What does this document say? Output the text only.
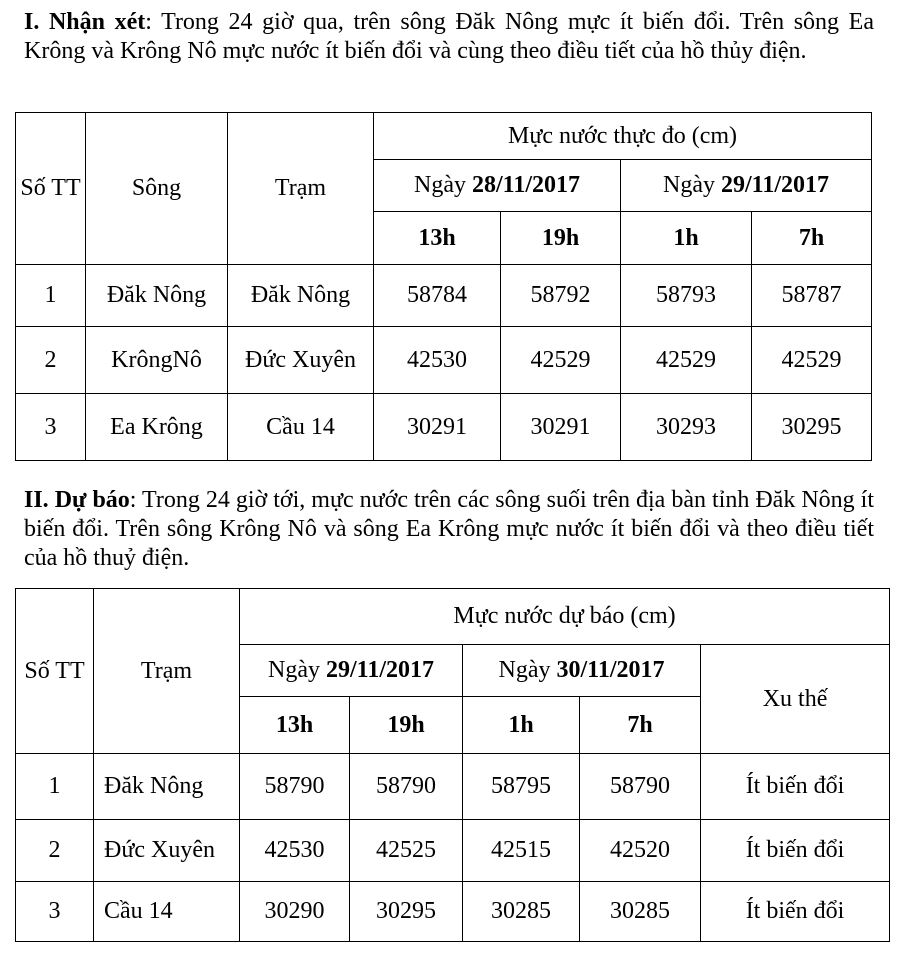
I. Nhận xét: Trong 24 giờ qua, trên sông Đăk Nông mực ít biến đổi. Trên sông Ea Krông và Krông Nô mực nước ít biến đổi và cùng theo điều tiết của hồ thủy điện.

Số TT	Sông	Trạm	Mực nước thực đo (cm)			
			Ngày 28/11/2017		Ngày 29/11/2017	
			13h	19h	1h	7h
1	Đăk Nông	Đăk Nông	58784	58792	58793	58787
2	KrôngNô	Đức Xuyên	42530	42529	42529	42529
3	Ea Krông	Cầu 14	30291	30291	30293	30295

II. Dự báo: Trong 24 giờ tới, mực nước trên các sông suối trên địa bàn tỉnh Đăk Nông ít biến đổi. Trên sông Krông Nô và sông Ea Krông mực nước ít biến đổi và theo điều tiết của hồ thuỷ điện.

Số TT	Trạm	Mực nước dự báo (cm)				
		Ngày 29/11/2017		Ngày 30/11/2017		Xu thế
		13h	19h	1h	7h	
1	Đăk Nông	58790	58790	58795	58790	Ít biến đổi
2	Đức Xuyên	42530	42525	42515	42520	Ít biến đổi
3	Cầu 14	30290	30295	30285	30285	Ít biến đổi
